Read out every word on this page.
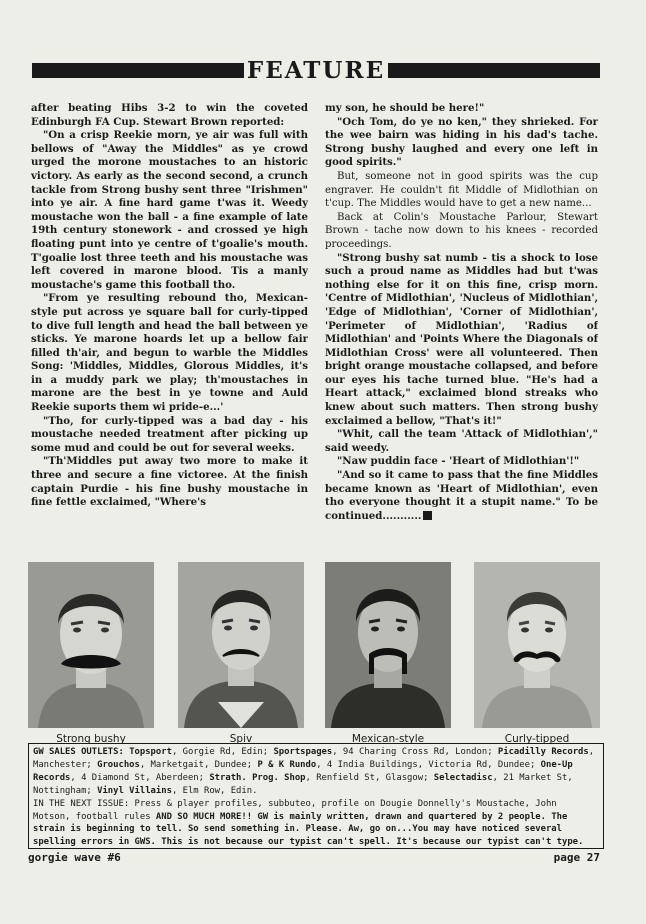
FEATURE

after beating Hibs 3-2 to win the coveted Edinburgh FA Cup. Stewart Brown reported:

"On a crisp Reekie morn, ye air was full with bellows of "Away the Middles" as ye crowd urged the morone moustaches to an historic victory. As early as the second second, a crunch tackle from Strong bushy sent three "Irishmen" into ye air. A fine hard game t'was it. Weedy moustache won the ball - a fine example of late 19th century stonework - and crossed ye high floating punt into ye centre of t'goalie's mouth. T'goalie lost three teeth and his moustache was left covered in marone blood. Tis a manly moustache's game this football tho.

"From ye resulting rebound tho, Mexican-style put across ye square ball for curly-tipped to dive full length and head the ball between ye sticks. Ye marone hoards let up a bellow fair filled th'air, and begun to warble the Middles Song: 'Middles, Middles, Glorous Middles, it's in a muddy park we play; th'moustaches in marone are the best in ye towne and Auld Reekie suports them wi pride-e...'

"Tho, for curly-tipped was a bad day - his moustache needed treatment after picking up some mud and could be out for several weeks.

"Th'Middles put away two more to make it three and secure a fine victoree. At the finish captain Purdie - his fine bushy moustache in fine fettle exclaimed, "Where's

my son, he should be here!"

"Och Tom, do ye no ken," they shrieked. For the wee bairn was hiding in his dad's tache. Strong bushy laughed and every one left in good spirits."

But, someone not in good spirits was the cup engraver. He couldn't fit Middle of Midlothian on t'cup. The Middles would have to get a new name...

Back at Colin's Moustache Parlour, Stewart Brown - tache now down to his knees - recorded proceedings.

"Strong bushy sat numb - tis a shock to lose such a proud name as Middles had but t'was nothing else for it on this fine, crisp morn. 'Centre of Midlothian', 'Nucleus of Midlothian', 'Edge of Midlothian', 'Corner of Midlothian', 'Perimeter of Midlothian', 'Radius of Midlothian' and 'Points Where the Diagonals of Midlothian Cross' were all volunteered. Then bright orange moustache collapsed, and before our eyes his tache turned blue. "He's had a Heart attack," exclaimed blond streaks who knew about such matters. Then strong bushy exclaimed a bellow, "That's it!"

"Whit, call the team 'Attack of Midlothian'," said weedy.

"Naw puddin face - 'Heart of Midlothian'!"

"And so it came to pass that the fine Middles became known as 'Heart of Midlothian', even tho everyone thought it a stupit name." To be continued...........

Strong bushy	Spiv	Mexican-style	Curly-tipped
GW SALES OUTLETS: Topsport, Gorgie Rd, Edin; Sportspages, 94 Charing Cross Rd, London; Picadilly Records, Manchester; Grouchos, Marketgait, Dundee; P & K Rundo, 4 India Buildings, Victoria Rd, Dundee; One-Up Records, 4 Diamond St, Aberdeen; Strath. Prog. Shop, Renfield St, Glasgow; Selectadisc, 21 Market St, Nottingham; Vinyl Villains, Elm Row, Edin.
IN THE NEXT ISSUE: Press & player profiles, subbuteo, profile on Dougie Donnelly's Moustache, John Motson, football rules AND SO MUCH MORE!! GW is mainly written, drawn and quartered by 2 people. The strain is beginning to tell. So send something in. Please. Aw, go on...You may have noticed several spelling errors in GWS. This is not because our typist can't spell. It's because our typist can't type.
gorgie wave #6	page 27
